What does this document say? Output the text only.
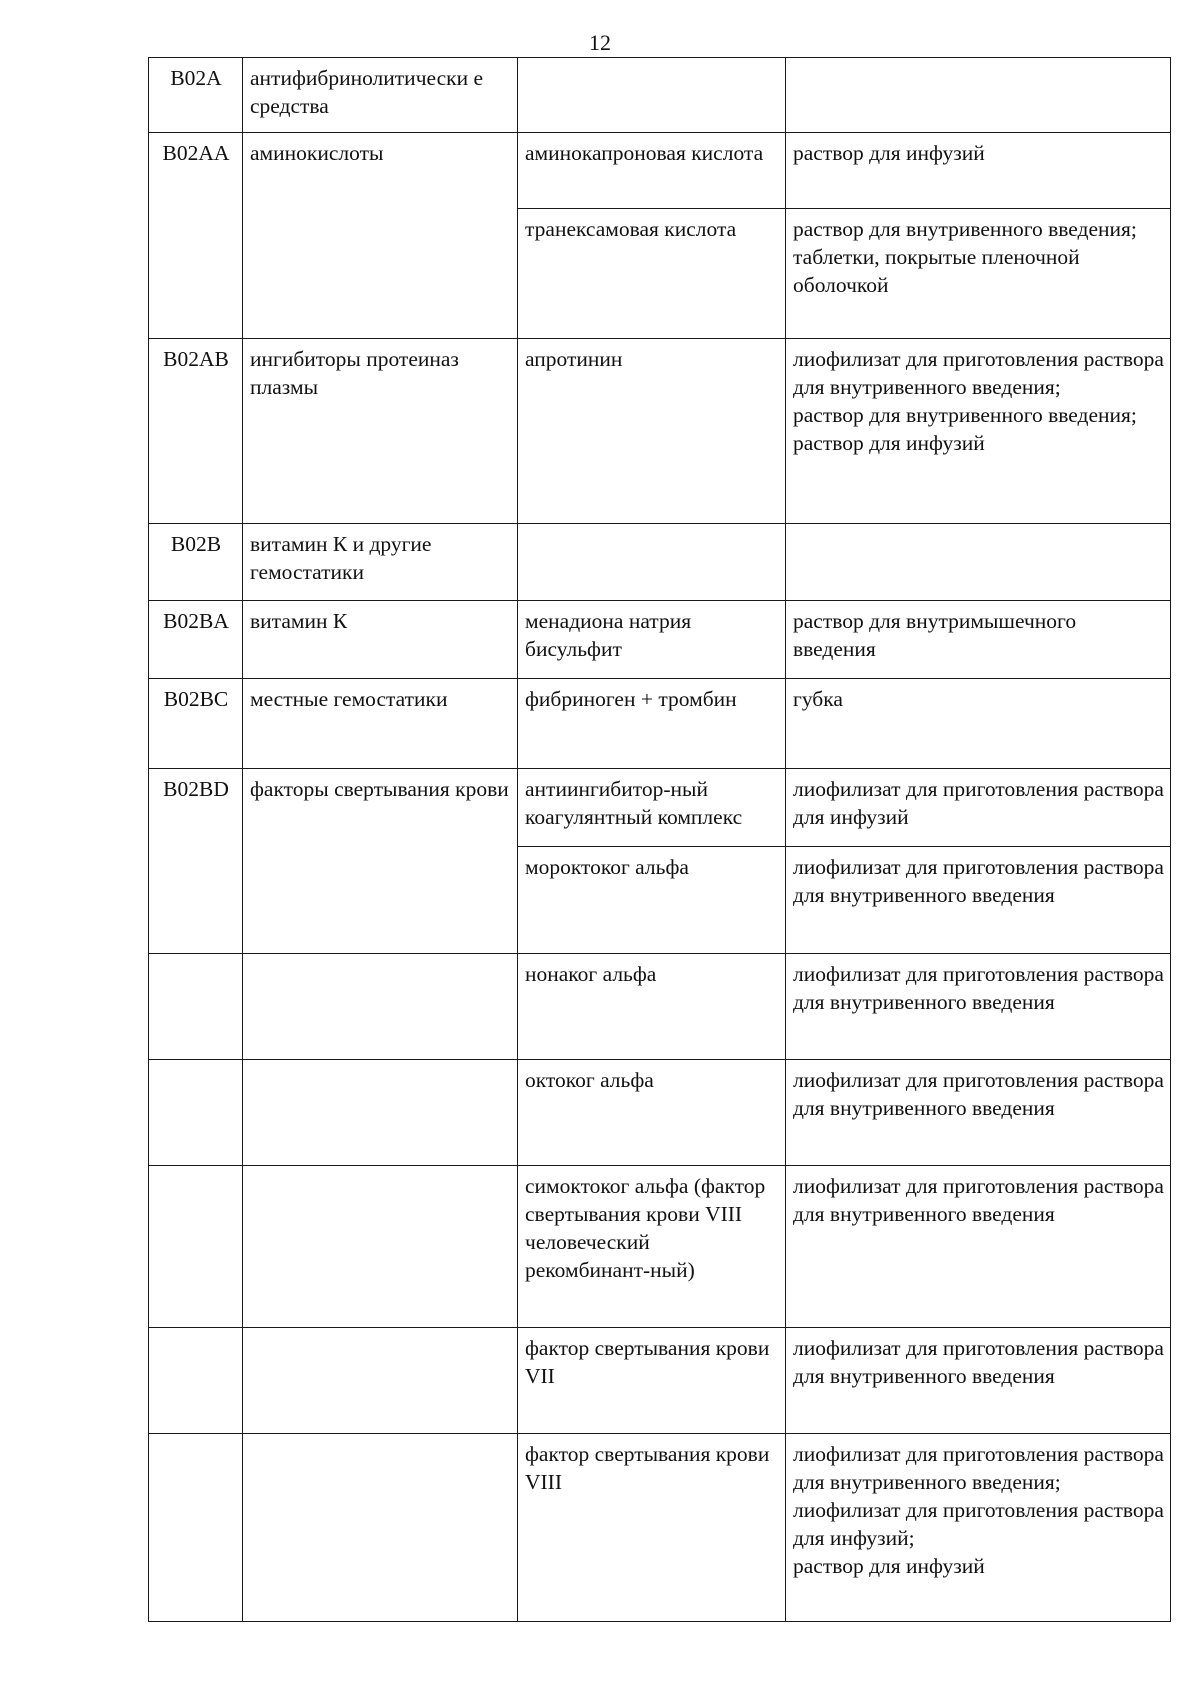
12
B02A	антифибринолитически е средства		
B02AA	аминокислоты	аминокапроновая кислота	раствор для инфузий

		транексамовая кислота	раствор для внутривенного введения;
таблетки, покрытые пленочной оболочкой

B02AB	ингибиторы протеиназ плазмы	апротинин	лиофилизат для приготовления раствора для внутривенного введения;
раствор для внутривенного введения;
раствор для инфузий

B02B	витамин К и другие гемостатики		
B02BA	витамин К	менадиона натрия бисульфит	раствор для внутримышечного введения

B02BC	местные гемостатики	фибриноген + тромбин	губка

B02BD	факторы свертывания крови	антиингибитор-ный коагулянтный комплекс	лиофилизат для приготовления раствора для инфузий

		мороктоког альфа	лиофилизат для приготовления раствора для внутривенного введения

		нонаког альфа	лиофилизат для приготовления раствора для внутривенного введения

		октоког альфа	лиофилизат для приготовления раствора для внутривенного введения

		симоктоког альфа (фактор свертывания крови VIII человеческий рекомбинант-ный)	лиофилизат для приготовления раствора для внутривенного введения

		фактор свертывания крови VII	лиофилизат для приготовления раствора для внутривенного введения

		фактор свертывания крови VIII	лиофилизат для приготовления раствора для внутривенного введения;
лиофилизат для приготовления раствора для инфузий;
раствор для инфузий
